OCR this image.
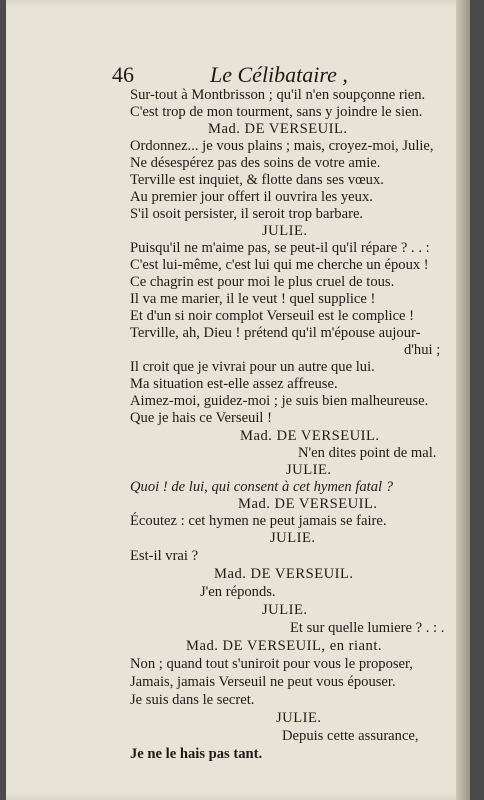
46	Le Célibataire ,
Sur-tout à Montbrisson ; qu'il n'en soupçonne rien.
C'est trop de mon tourment, sans y joindre le sien.
Mad. DE VERSEUIL.
Ordonnez... je vous plains ; mais, croyez-moi, Julie,
Ne désespérez pas des soins de votre amie.
Terville est inquiet, & flotte dans ses vœux.
Au premier jour offert il ouvrira les yeux.
S'il osoit persister, il seroit trop barbare.
JULIE.
Puisqu'il ne m'aime pas, se peut-il qu'il répare ? . . :
C'est lui-même, c'est lui qui me cherche un époux !
Ce chagrin est pour moi le plus cruel de tous.
Il va me marier, il le veut ! quel supplice !
Et d'un si noir complot Verseuil est le complice !
Terville, ah, Dieu ! prétend qu'il m'épouse aujour-
d'hui ;
Il croit que je vivrai pour un autre que lui.
Ma situation est-elle assez affreuse.
Aimez-moi, guidez-moi ; je suis bien malheureuse.
Que je hais ce Verseuil !
Mad. DE VERSEUIL.
N'en dites point de mal.
JULIE.
Quoi ! de lui, qui consent à cet hymen fatal ?
Mad. DE VERSEUIL.
Écoutez : cet hymen ne peut jamais se faire.
JULIE.
Est-il vrai ?
Mad. DE VERSEUIL.
J'en réponds.
JULIE.
Et sur quelle lumiere ? . : .
Mad. DE VERSEUIL, en riant.
Non ; quand tout s'uniroit pour vous le proposer,
Jamais, jamais Verseuil ne peut vous épouser.
Je suis dans le secret.
JULIE.
Depuis cette assurance,
Je ne le hais pas tant.
